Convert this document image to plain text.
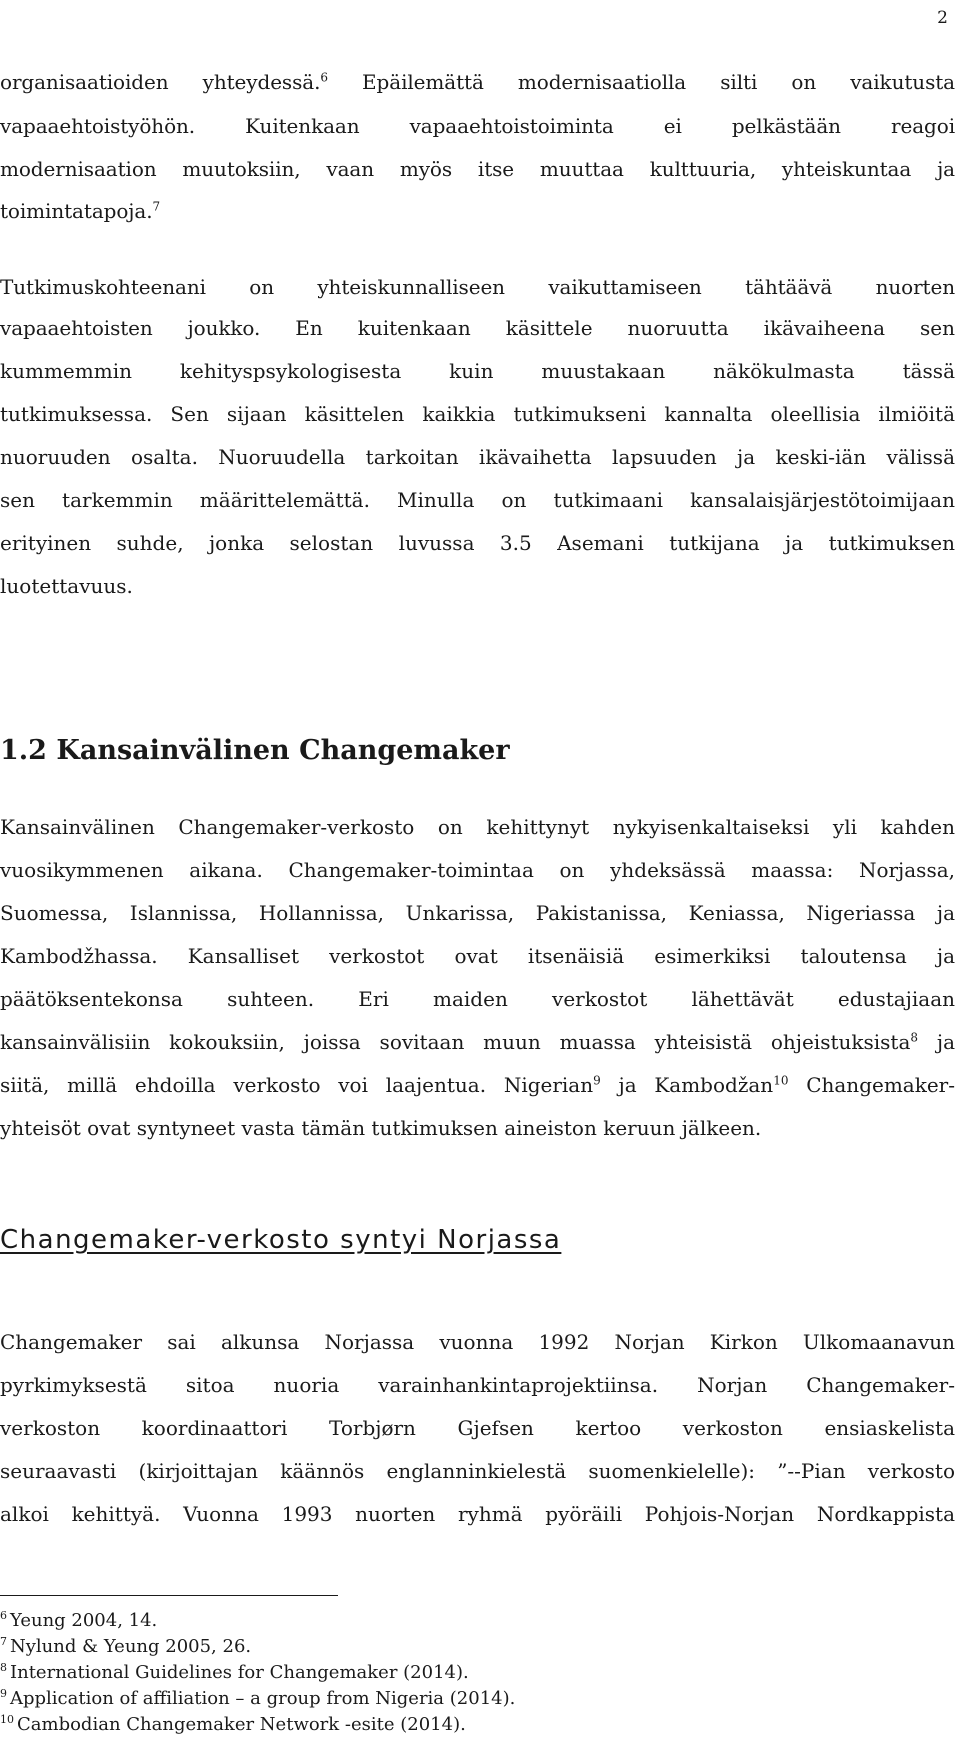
2
organisaatioiden yhteydessä.$^6$ Epäilemättä modernisaatiolla silti on vaikutusta
vapaaehtoistyöhön. Kuitenkaan vapaaehtoistoiminta ei pelkästään reagoi
modernisaation muutoksiin, vaan myös itse muuttaa kulttuuria, yhteiskuntaa ja
toimintatapoja.$^7$
Tutkimuskohteenani on yhteiskunnalliseen vaikuttamiseen tähtäävä nuorten
vapaaehtoisten joukko. En kuitenkaan käsittele nuoruutta ikävaiheena sen
kummemmin kehityspsykologisesta kuin muustakaan näkökulmasta tässä
tutkimuksessa. Sen sijaan käsittelen kaikkia tutkimukseni kannalta oleellisia ilmiöitä
nuoruuden osalta. Nuoruudella tarkoitan ikävaihetta lapsuuden ja keski-iän välissä
sen tarkemmin määrittelemättä. Minulla on tutkimaani kansalaisjärjestötoimijaan
erityinen suhde, jonka selostan luvussa 3.5 Asemani tutkijana ja tutkimuksen
luotettavuus.
1.2 Kansainvälinen Changemaker
Kansainvälinen Changemaker-verkosto on kehittynyt nykyisenkaltaiseksi yli kahden
vuosikymmenen aikana. Changemaker-toimintaa on yhdeksässä maassa: Norjassa,
Suomessa, Islannissa, Hollannissa, Unkarissa, Pakistanissa, Keniassa, Nigeriassa ja
Kambodžhassa. Kansalliset verkostot ovat itsenäisiä esimerkiksi taloutensa ja
päätöksentekonsa suhteen. Eri maiden verkostot lähettävät edustajiaan
kansainvälisiin kokouksiin, joissa sovitaan muun muassa yhteisistä ohjeistuksista$^8$ ja
siitä, millä ehdoilla verkosto voi laajentua. Nigerian$^9$ ja Kambodžan$^{10}$ Changemaker-
yhteisöt ovat syntyneet vasta tämän tutkimuksen aineiston keruun jälkeen.
Changemaker-verkosto syntyi Norjassa
Changemaker sai alkunsa Norjassa vuonna 1992 Norjan Kirkon Ulkomaanavun
pyrkimyksestä sitoa nuoria varainhankintaprojektiinsa. Norjan Changemaker-
verkoston koordinaattori Torbjørn Gjefsen kertoo verkoston ensiaskelista
seuraavasti (kirjoittajan käännös englanninkielestä suomenkielelle): ”--Pian verkosto
alkoi kehittyä. Vuonna 1993 nuorten ryhmä pyöräili Pohjois-Norjan Nordkappista
$^6$ Yeung 2004, 14.
$^7$ Nylund & Yeung 2005, 26.
$^8$ International Guidelines for Changemaker (2014).
$^9$ Application of affiliation – a group from Nigeria (2014).
$^{10}$ Cambodian Changemaker Network -esite (2014).
